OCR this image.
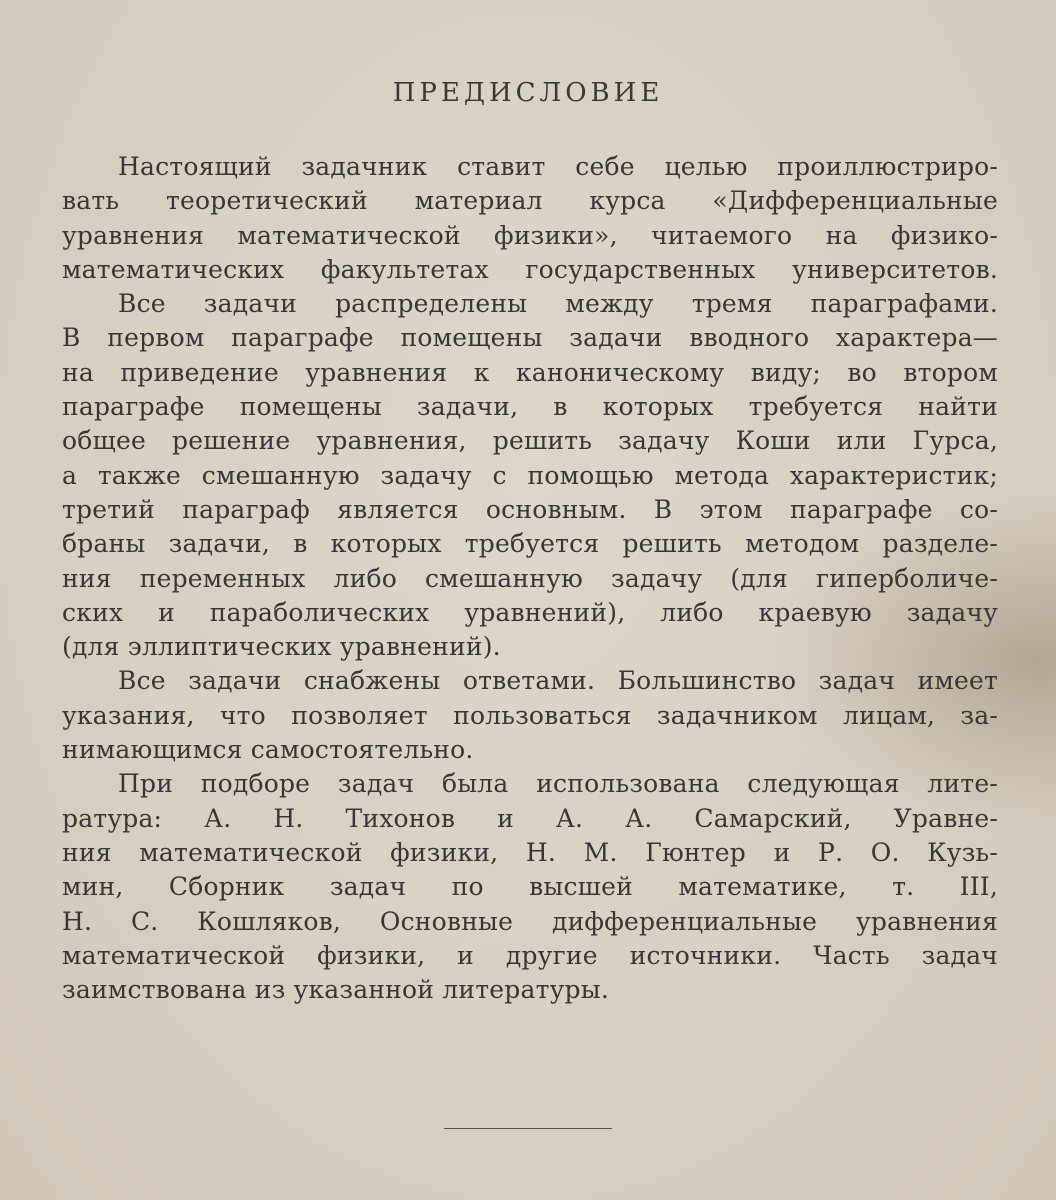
ПРЕДИСЛОВИЕ

Настоящий задачник ставит себе целью проиллюстриро-
вать теоретический материал курса «Дифференциальные
уравнения математической физики», читаемого на физико-
математических факультетах государственных университетов.

Все задачи распределены между тремя параграфами.
В первом параграфе помещены задачи вводного характера—
на приведение уравнения к каноническому виду; во втором
параграфе помещены задачи, в которых требуется найти
общее решение уравнения, решить задачу Коши или Гурса,
а также смешанную задачу с помощью метода характеристик;
третий параграф является основным. В этом параграфе со-
браны задачи, в которых требуется решить методом разделе-
ния переменных либо смешанную задачу (для гиперболиче-
ских и параболических уравнений), либо краевую задачу
(для эллиптических уравнений).

Все задачи снабжены ответами. Большинство задач имеет
указания, что позволяет пользоваться задачником лицам, за-
нимающимся самостоятельно.

При подборе задач была использована следующая лите-
ратура: А. Н. Тихонов и А. А. Самарский, Уравне-
ния математической физики, Н. М. Гюнтер и Р. О. Кузь-
мин, Сборник задач по высшей математике, т. III,
Н. С. Кошляков, Основные дифференциальные уравнения
математической физики, и другие источники. Часть задач
заимствована из указанной литературы.
